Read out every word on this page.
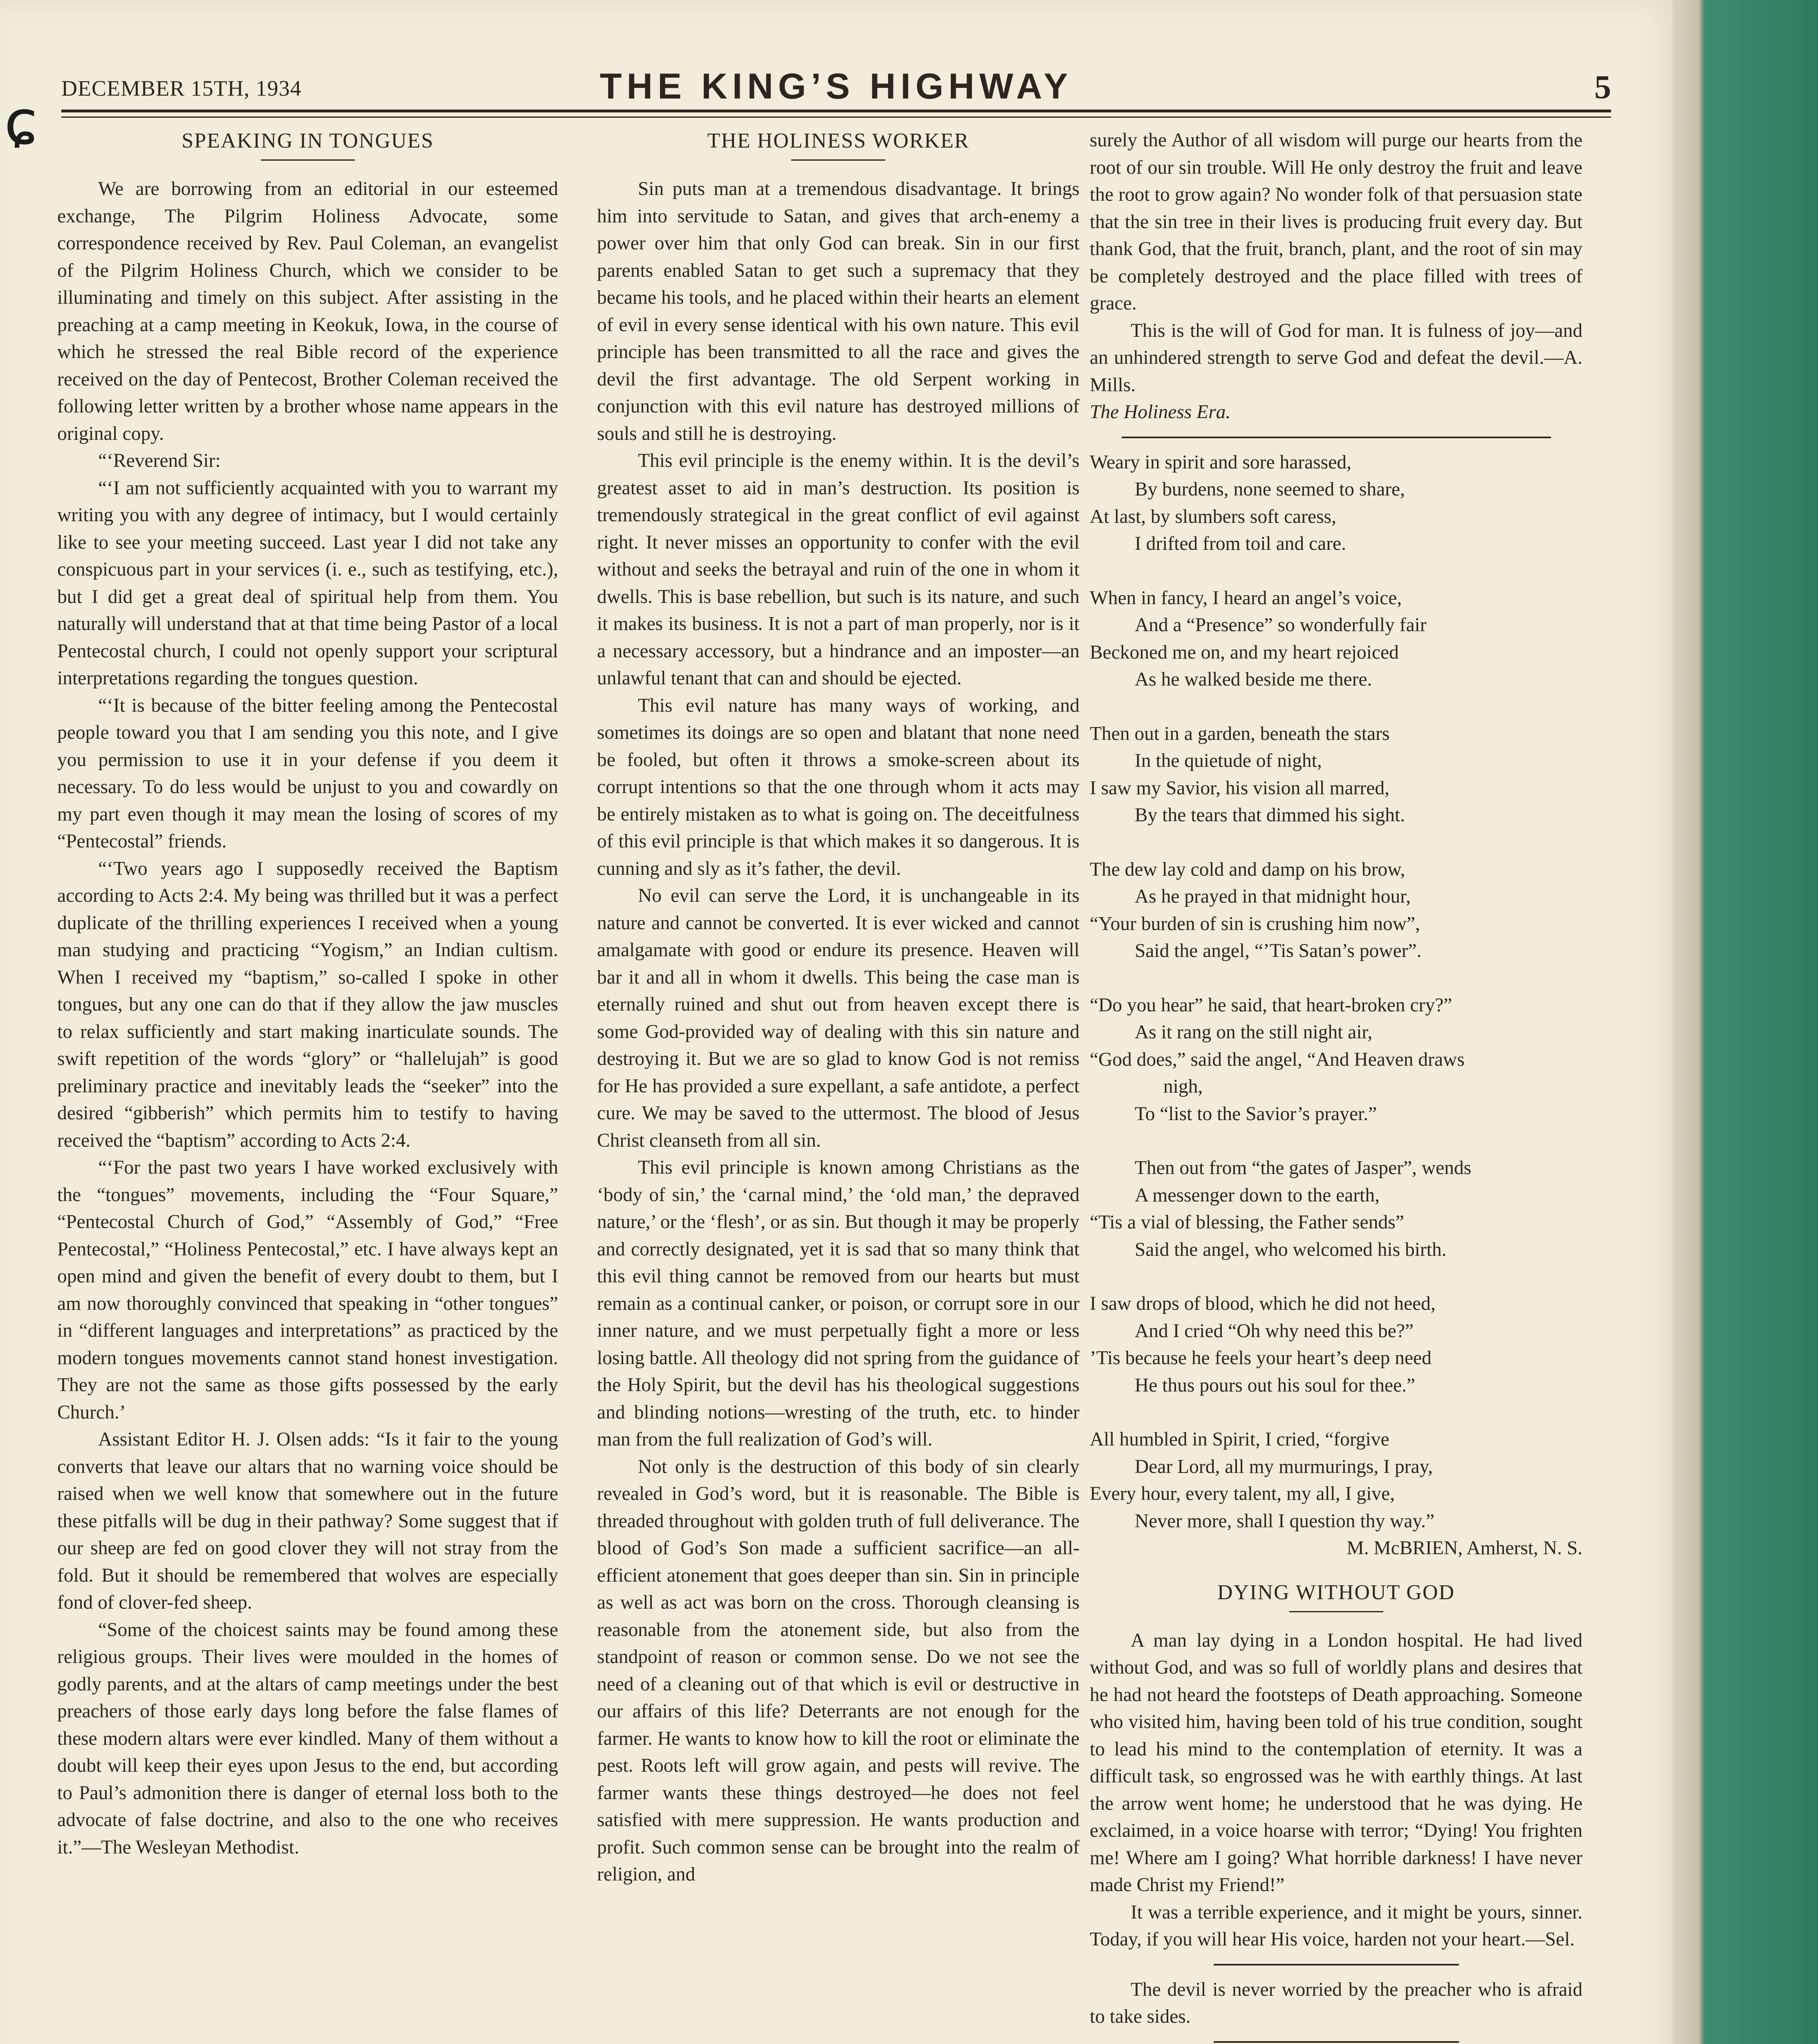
ɕ DECEMBER 15TH, 1934	THE KING’S HIGHWAY	5
SPEAKING IN TONGUES

We are borrowing from an editorial in our esteemed exchange, The Pilgrim Holiness Advocate, some correspondence received by Rev. Paul Coleman, an evangelist of the Pilgrim Holiness Church, which we consider to be illuminating and timely on this subject. After assisting in the preaching at a camp meeting in Keokuk, Iowa, in the course of which he stressed the real Bible record of the experience received on the day of Pentecost, Brother Coleman received the following letter written by a brother whose name appears in the original copy.

“‘Reverend Sir:

“‘I am not sufficiently acquainted with you to warrant my writing you with any degree of intimacy, but I would certainly like to see your meeting succeed. Last year I did not take any conspicuous part in your services (i. e., such as testifying, etc.), but I did get a great deal of spiritual help from them. You naturally will understand that at that time being Pastor of a local Pentecostal church, I could not openly support your scriptural interpretations regarding the tongues question.

“‘It is because of the bitter feeling among the Pentecostal people toward you that I am sending you this note, and I give you permission to use it in your defense if you deem it necessary. To do less would be unjust to you and cowardly on my part even though it may mean the losing of scores of my “Pentecostal” friends.

“‘Two years ago I supposedly received the Baptism according to Acts 2:4. My being was thrilled but it was a perfect duplicate of the thrilling experiences I received when a young man studying and practicing “Yogism,” an Indian cultism. When I received my “baptism,” so-called I spoke in other tongues, but any one can do that if they allow the jaw muscles to relax sufficiently and start making inarticulate sounds. The swift repetition of the words “glory” or “hallelujah” is good preliminary practice and inevitably leads the “seeker” into the desired “gibberish” which permits him to testify to having received the “baptism” according to Acts 2:4.

“‘For the past two years I have worked exclusively with the “tongues” movements, including the “Four Square,” “Pentecostal Church of God,” “Assembly of God,” “Free Pentecostal,” “Holiness Pentecostal,” etc. I have always kept an open mind and given the benefit of every doubt to them, but I am now thoroughly convinced that speaking in “other tongues” in “different languages and interpretations” as practiced by the modern tongues movements cannot stand honest investigation. They are not the same as those gifts possessed by the early Church.’

Assistant Editor H. J. Olsen adds: “Is it fair to the young converts that leave our altars that no warning voice should be raised when we well know that somewhere out in the future these pitfalls will be dug in their pathway? Some suggest that if our sheep are fed on good clover they will not stray from the fold. But it should be remembered that wolves are especially fond of clover-fed sheep.

“Some of the choicest saints may be found among these religious groups. Their lives were moulded in the homes of godly parents, and at the altars of camp meetings under the best preachers of those early days long before the false flames of these modern altars were ever kindled. Many of them without a doubt will keep their eyes upon Jesus to the end, but according to Paul’s admonition there is danger of eternal loss both to the advocate of false doctrine, and also to the one who receives it.”—The Wesleyan Methodist.

THE HOLINESS WORKER

Sin puts man at a tremendous disadvantage. It brings him into servitude to Satan, and gives that arch-enemy a power over him that only God can break. Sin in our first parents enabled Satan to get such a supremacy that they became his tools, and he placed within their hearts an element of evil in every sense identical with his own nature. This evil principle has been transmitted to all the race and gives the devil the first advantage. The old Serpent working in conjunction with this evil nature has destroyed millions of souls and still he is destroying.

This evil principle is the enemy within. It is the devil’s greatest asset to aid in man’s destruction. Its position is tremendously strategical in the great conflict of evil against right. It never misses an opportunity to confer with the evil without and seeks the betrayal and ruin of the one in whom it dwells. This is base rebellion, but such is its nature, and such it makes its business. It is not a part of man properly, nor is it a necessary accessory, but a hindrance and an imposter—an unlawful tenant that can and should be ejected.

This evil nature has many ways of working, and sometimes its doings are so open and blatant that none need be fooled, but often it throws a smoke-screen about its corrupt intentions so that the one through whom it acts may be entirely mistaken as to what is going on. The deceitfulness of this evil principle is that which makes it so dangerous. It is cunning and sly as it’s father, the devil.

No evil can serve the Lord, it is unchangeable in its nature and cannot be converted. It is ever wicked and cannot amalgamate with good or endure its presence. Heaven will bar it and all in whom it dwells. This being the case man is eternally ruined and shut out from heaven except there is some God-provided way of dealing with this sin nature and destroying it. But we are so glad to know God is not remiss for He has provided a sure expellant, a safe antidote, a perfect cure. We may be saved to the uttermost. The blood of Jesus Christ cleanseth from all sin.

This evil principle is known among Christians as the ‘body of sin,’ the ‘carnal mind,’ the ‘old man,’ the depraved nature,’ or the ‘flesh’, or as sin. But though it may be properly and correctly designated, yet it is sad that so many think that this evil thing cannot be removed from our hearts but must remain as a continual canker, or poison, or corrupt sore in our inner nature, and we must perpetually fight a more or less losing battle. All theology did not spring from the guidance of the Holy Spirit, but the devil has his theological suggestions and blinding notions—wresting of the truth, etc. to hinder man from the full realization of God’s will.

Not only is the destruction of this body of sin clearly revealed in God’s word, but it is reasonable. The Bible is threaded throughout with golden truth of full deliverance. The blood of God’s Son made a sufficient sacrifice—an all-efficient atonement that goes deeper than sin. Sin in principle as well as act was born on the cross. Thorough cleansing is reasonable from the atonement side, but also from the standpoint of reason or common sense. Do we not see the need of a cleaning out of that which is evil or destructive in our affairs of this life? Deterrants are not enough for the farmer. He wants to know how to kill the root or eliminate the pest. Roots left will grow again, and pests will revive. The farmer wants these things destroyed—he does not feel satisfied with mere suppression. He wants production and profit. Such common sense can be brought into the realm of religion, and

surely the Author of all wisdom will purge our hearts from the root of our sin trouble. Will He only destroy the fruit and leave the root to grow again? No wonder folk of that persuasion state that the sin tree in their lives is producing fruit every day. But thank God, that the fruit, branch, plant, and the root of sin may be completely destroyed and the place filled with trees of grace.

This is the will of God for man. It is fulness of joy—and an unhindered strength to serve God and defeat the devil.—A. Mills.

The Holiness Era.

Weary in spirit and sore harassed,
By burdens, none seemed to share,
At last, by slumbers soft caress,
I drifted from toil and care.
When in fancy, I heard an angel’s voice,
And a “Presence” so wonderfully fair
Beckoned me on, and my heart rejoiced
As he walked beside me there.
Then out in a garden, beneath the stars
In the quietude of night,
I saw my Savior, his vision all marred,
By the tears that dimmed his sight.
The dew lay cold and damp on his brow,
As he prayed in that midnight hour,
“Your burden of sin is crushing him now”,
Said the angel, “’Tis Satan’s power”.
“Do you hear” he said, that heart-broken cry?”
As it rang on the still night air,
“God does,” said the angel, “And Heaven draws
nigh,
To “list to the Savior’s prayer.”
Then out from “the gates of Jasper”, wends
A messenger down to the earth,
“Tis a vial of blessing, the Father sends”
Said the angel, who welcomed his birth.
I saw drops of blood, which he did not heed,
And I cried “Oh why need this be?”
’Tis because he feels your heart’s deep need
He thus pours out his soul for thee.”
All humbled in Spirit, I cried, “forgive
Dear Lord, all my murmurings, I pray,
Every hour, every talent, my all, I give,
Never more, shall I question thy way.”
M. McBRIEN, Amherst, N. S.
DYING WITHOUT GOD

A man lay dying in a London hospital. He had lived without God, and was so full of worldly plans and desires that he had not heard the footsteps of Death approaching. Someone who visited him, having been told of his true condition, sought to lead his mind to the contemplation of eternity. It was a difficult task, so engrossed was he with earthly things. At last the arrow went home; he understood that he was dying. He exclaimed, in a voice hoarse with terror; “Dying! You frighten me! Where am I going? What horrible darkness! I have never made Christ my Friend!”

It was a terrible experience, and it might be yours, sinner. Today, if you will hear His voice, harden not your heart.—Sel.

The devil is never worried by the preacher who is afraid to take sides.
